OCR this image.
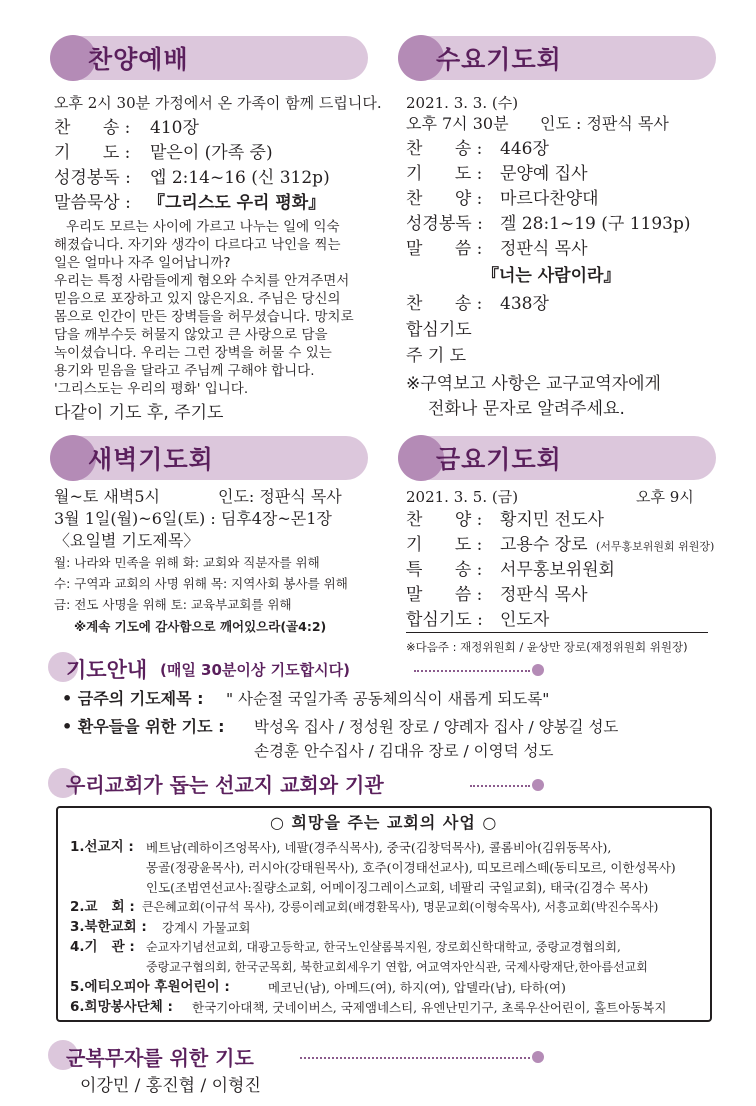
찬양예배	수요기도회
오후 2시 30분 가정에서 온 가족이 함께 드립니다.
찬      송 : 410장
기      도 : 맡은이 (가족 중)
성경봉독 : 엡 2:14~16 (신 312p)
말씀묵상 : 『그리스도 우리 평화』
우리도 모르는 사이에 가르고 나누는 일에 익숙
해졌습니다. 자기와 생각이 다르다고 낙인을 찍는
일은 얼마나 자주 일어납니까?
우리는 특정 사람들에게 혐오와 수치를 안겨주면서
믿음으로 포장하고 있지 않은지요. 주님은 당신의
몸으로 인간이 만든 장벽들을 허무셨습니다. 망치로
담을 깨부수듯 허물지 않았고 큰 사랑으로 담을
녹이셨습니다. 우리는 그런 장벽을 허물 수 있는
용기와 믿음을 달라고 주님께 구해야 합니다.
'그리스도는 우리의 평화' 입니다.
다같이 기도 후, 주기도
2021. 3. 3. (수)
오후 7시 30분 인도 : 정판식 목사
찬      송 : 446장
기      도 : 문양예 집사
찬      양 : 마르다찬양대
성경봉독 : 겔 28:1~19 (구 1193p)
말      씀 : 정판식 목사
『너는 사람이라』
찬      송 : 438장
합심기도
주 기 도
※구역보고 사항은 교구교역자에게
전화나 문자로 알려주세요.
새벽기도회	금요기도회
월~토 새벽5시	인도: 정판식 목사
3월 1일(월)~6일(토) : 딤후4장~몬1장
〈요일별 기도제목〉
월: 나라와 민족을 위해 화: 교회와 직분자를 위해
수: 구역과 교회의 사명 위해 목: 지역사회 봉사를 위해
금: 전도 사명을 위해 토: 교육부교회를 위해
※계속 기도에 감사함으로 깨어있으라(골4:2)
2021. 3. 5. (금)	오후 9시
찬      양 : 황지민 전도사
기      도 : 고용수 장로 (서무홍보위원회 위원장)
특      송 : 서무홍보위원회
말      씀 : 정판식 목사
합심기도 : 인도자
※다음주 : 재정위원회 / 윤상만 장로(재정위원회 위원장)
기도안내 (매일 30분이상 기도합시다)
• 금주의 기도제목 : " 사순절 국일가족 공동체의식이 새롭게 되도록"
• 환우들을 위한 기도 : 박성옥 집사 / 정성원 장로 / 양례자 집사 / 양봉길 성도
손경훈 안수집사 / 김대유 장로 / 이영덕 성도
우리교회가 돕는 선교지 교회와 기관
○ 희망을 주는 교회의 사업 ○
1.선교지 : 베트남(레하이즈엉목사), 네팔(경주식목사), 중국(김창덕목사), 콜롬비아(김위동목사),
몽골(정광윤목사), 러시아(강태원목사), 호주(이경태선교사), 띠모르레스떼(동티모르, 이한성목사)
인도(조범연선교사:질량소교회, 어메이징그레이스교회, 네팔리 국일교회), 태국(김경수 목사)
2.교   회 : 큰은혜교회(이규석 목사), 강릉이레교회(배경환목사), 명문교회(이형숙목사), 서흥교회(박진수목사)
3.북한교회 : 강계시 가물교회
4.기   관 : 순교자기념선교회, 대광고등학교, 한국노인샬롬복지원, 장로회신학대학교, 중랑교경협의회,
중랑교구협의회, 한국군목회, 북한교회세우기 연합, 여교역자안식관, 국제사랑재단,한아름선교회
5.에티오피아 후원어린이 :	메코닌(남), 아메드(여), 하지(여), 압델라(남), 타하(여)
6.희망봉사단체 : 한국기아대책, 굿네이버스, 국제앰네스티, 유엔난민기구, 초록우산어린이, 홀트아동복지
군복무자를 위한 기도
이강민 / 홍진협 / 이형진
